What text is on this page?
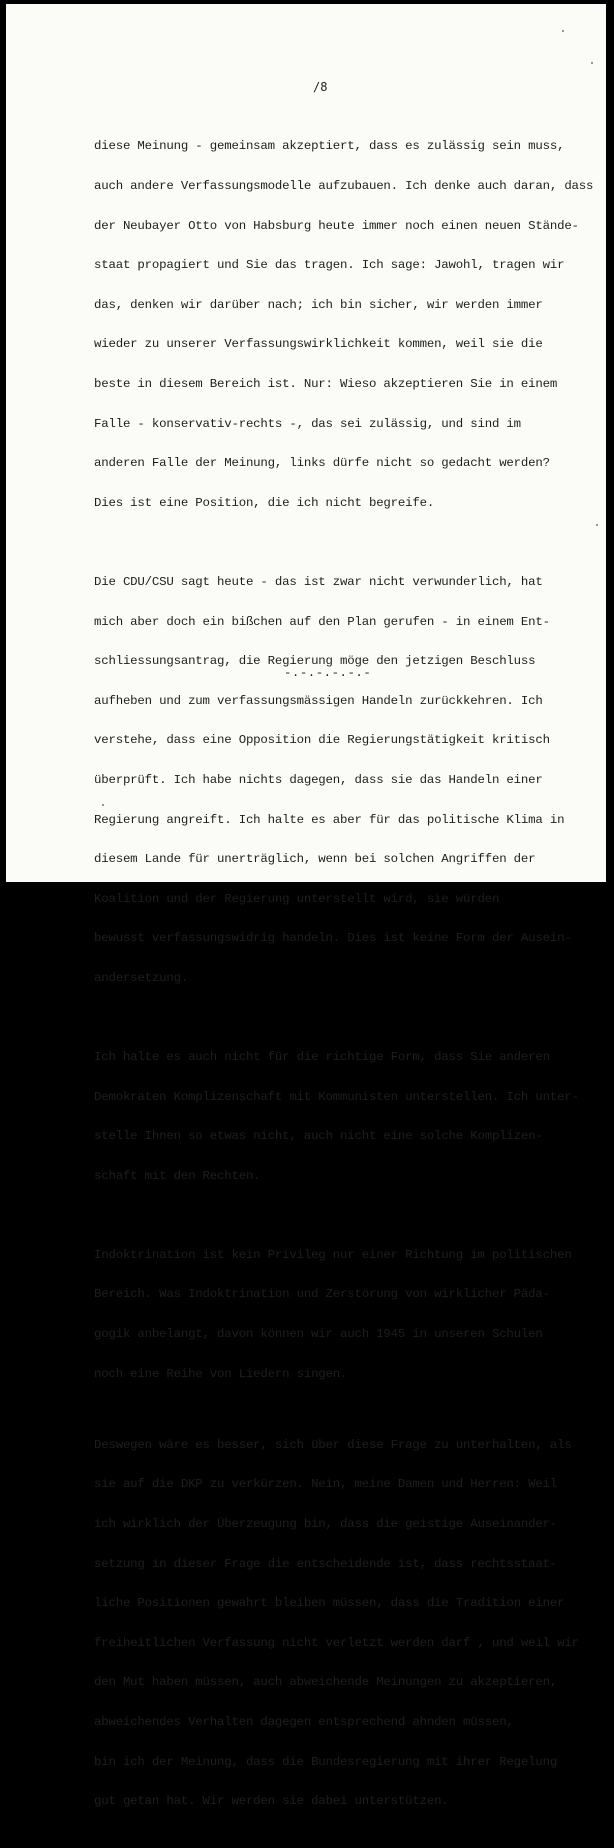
/8

diese Meinung - gemeinsam akzeptiert, dass es zulässig sein muss,

auch andere Verfassungsmodelle aufzubauen. Ich denke auch daran, dass

der Neubayer Otto von Habsburg heute immer noch einen neuen Stände-

staat propagiert und Sie das tragen. Ich sage: Jawohl, tragen wir

das, denken wir darüber nach; ich bin sicher, wir werden immer

wieder zu unserer Verfassungswirklichkeit kommen, weil sie die

beste in diesem Bereich ist. Nur: Wieso akzeptieren Sie in einem

Falle - konservativ-rechts -, das sei zulässig, und sind im

anderen Falle der Meinung, links dürfe nicht so gedacht werden?

Dies ist eine Position, die ich nicht begreife.

Die CDU/CSU sagt heute - das ist zwar nicht verwunderlich, hat

mich aber doch ein bißchen auf den Plan gerufen - in einem Ent-

schliessungsantrag, die Regierung möge den jetzigen Beschluss

aufheben und zum verfassungsmässigen Handeln zurückkehren. Ich

verstehe, dass eine Opposition die Regierungstätigkeit kritisch

überprüft. Ich habe nichts dagegen, dass sie das Handeln einer

Regierung angreift. Ich halte es aber für das politische Klima in

diesem Lande für unerträglich, wenn bei solchen Angriffen der

Koalition und der Regierung unterstellt wird, sie würden

bewusst verfassungswidrig handeln. Dies ist keine Form der Ausein-

andersetzung.

Ich halte es auch nicht für die richtige Form, dass Sie anderen

Demokraten Komplizenschaft mit Kommunisten unterstellen. Ich unter-

stelle Ihnen so etwas nicht, auch nicht eine solche Komplizen-

schaft mit den Rechten.

Indoktrination ist kein Privileg nur einer Richtung im politischen

Bereich. Was Indoktrination und Zerstörung von wirklicher Päda-

gogik anbelangt, davon können wir auch 1945 in unseren Schulen

noch eine Reihe von Liedern singen.

Deswegen wäre es besser, sich über diese Frage zu unterhalten, als

sie auf die DKP zu verkürzen. Nein, meine Damen und Herren: Weil

ich wirklich der Überzeugung bin, dass die geistige Auseinander-

setzung in dieser Frage die entscheidende ist, dass rechtsstaat-

liche Positionen gewahrt bleiben müssen, dass die Tradition einer

freiheitlichen Verfassung nicht verletzt werden darf , und weil wir

den Mut haben müssen, auch abweichende Meinungen zu akzeptieren,

abweichendes Verhalten dagegen entsprechend ahnden müssen,

bin ich der Meinung, dass die Bundesregierung mit ihrer Regelung

gut getan hat. Wir werden sie dabei unterstützen.

-.-.-.-.-.-
